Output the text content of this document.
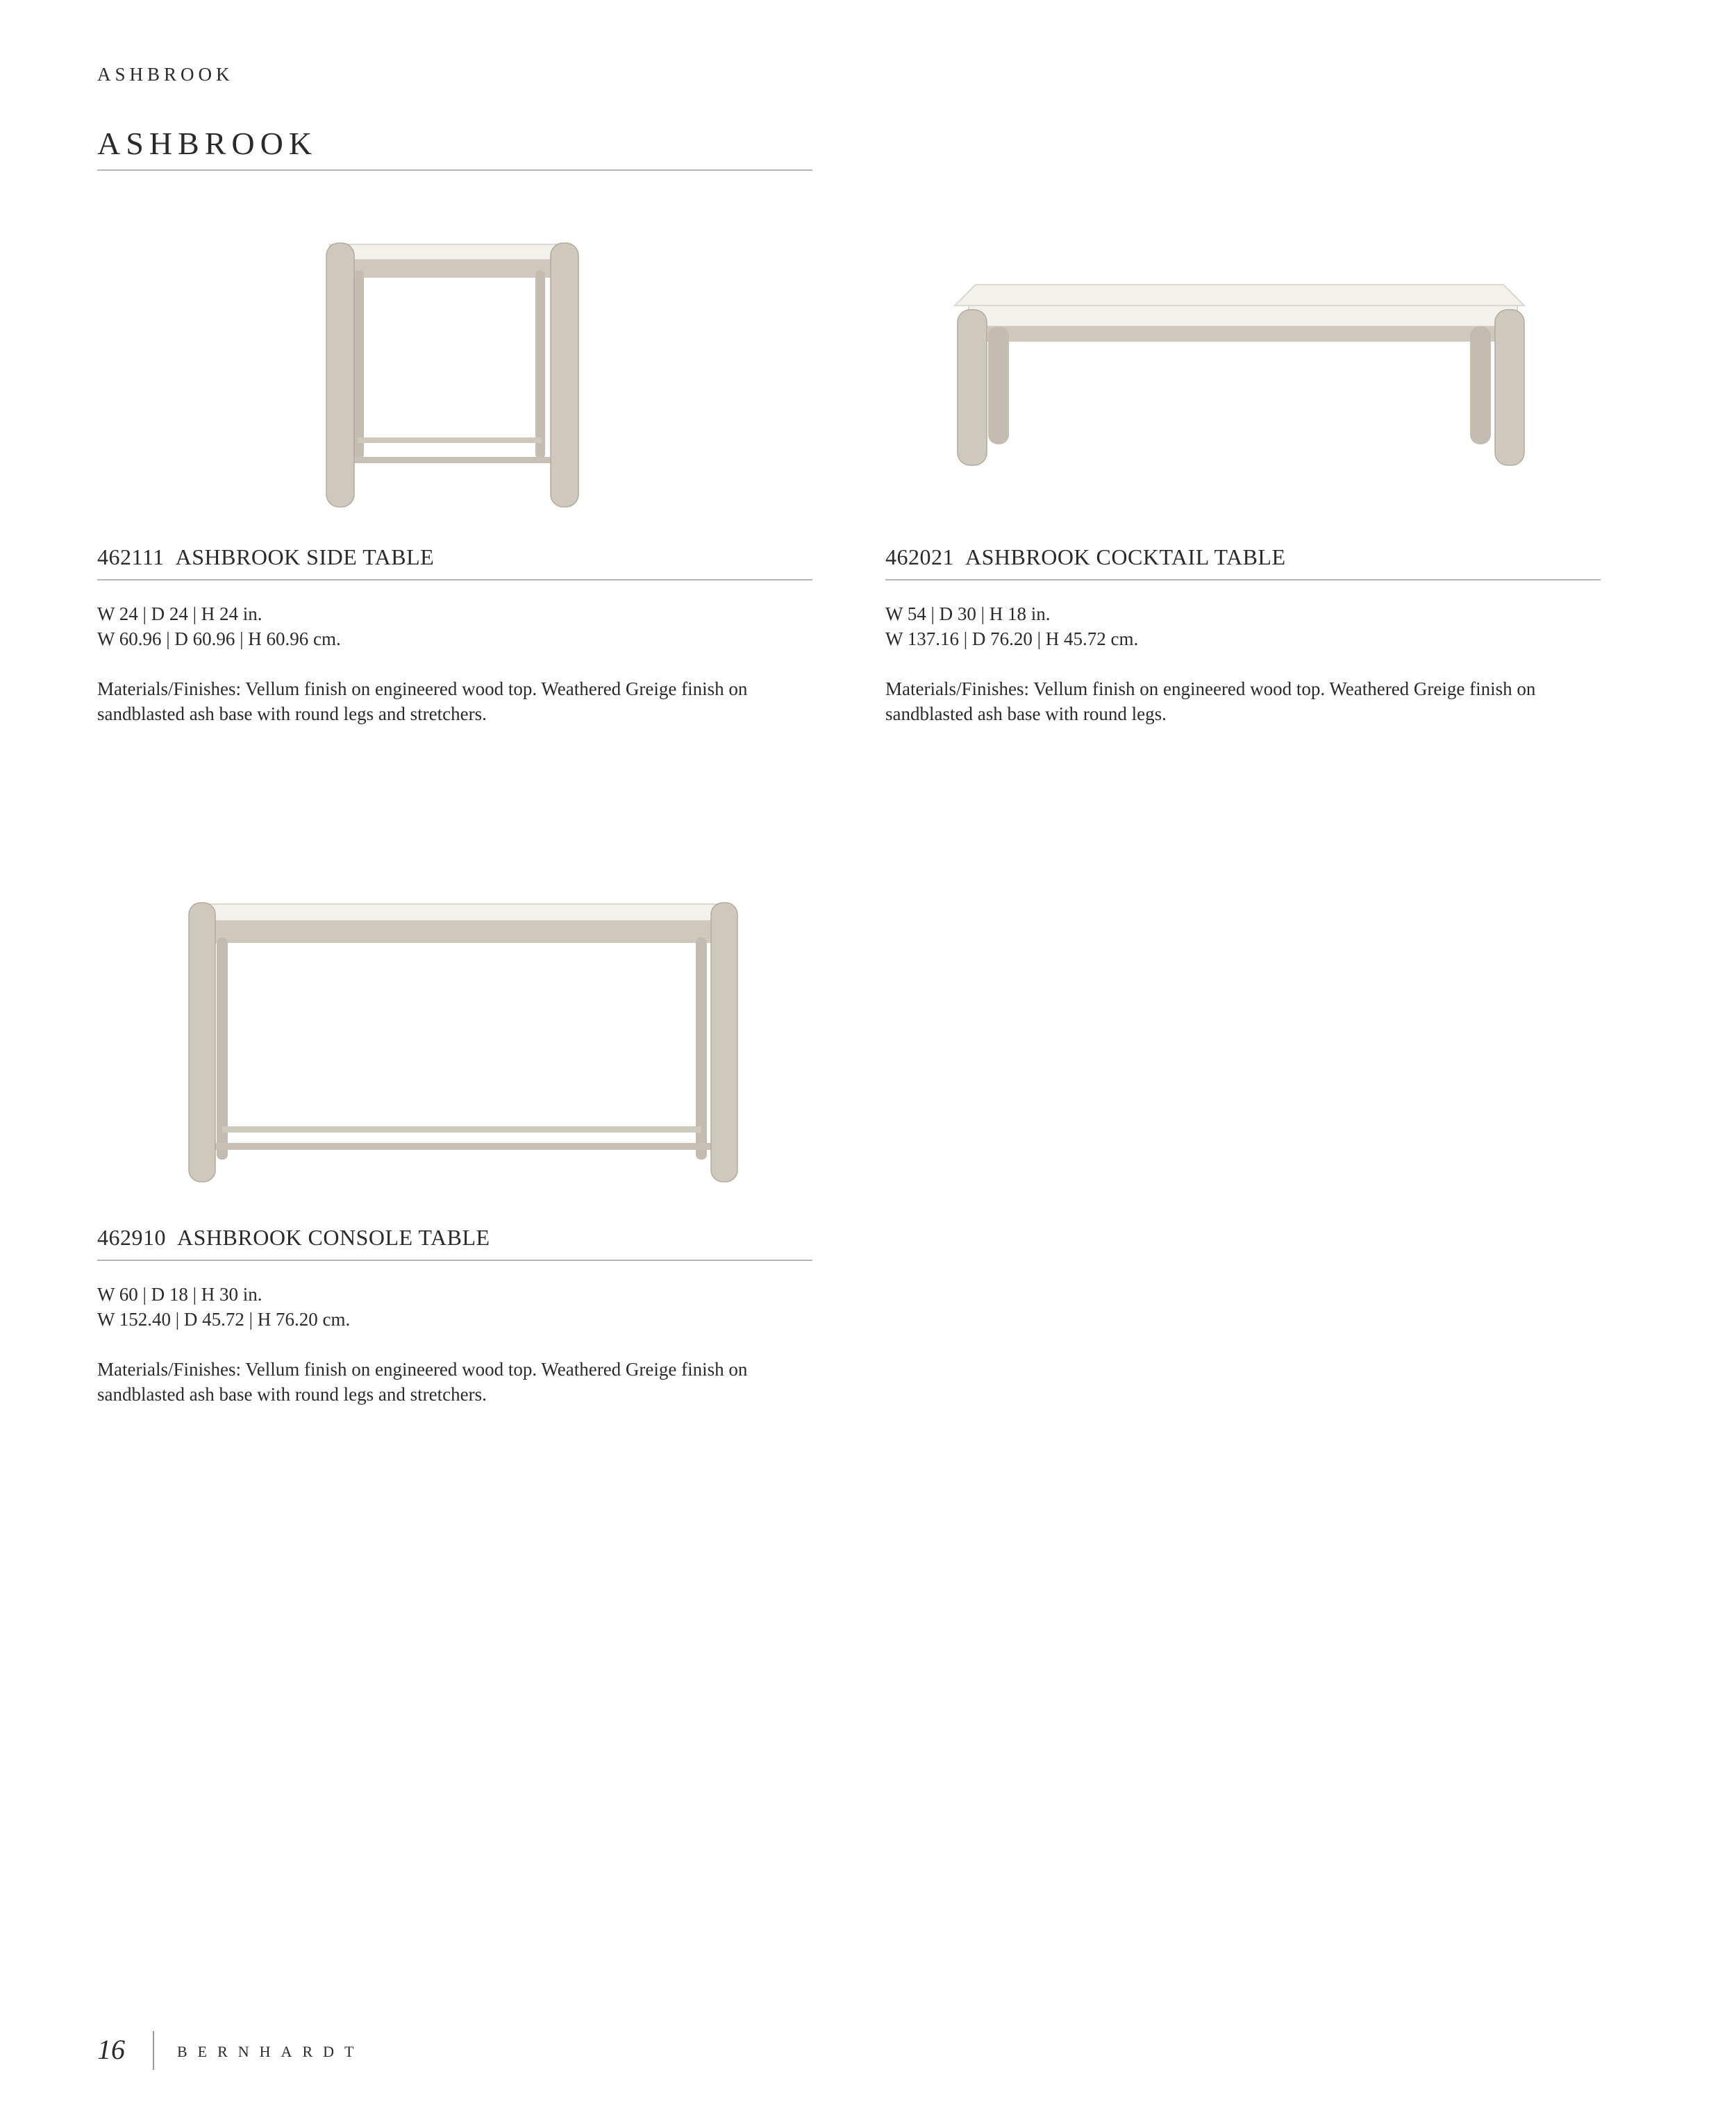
ASHBROOK
ASHBROOK
462111 ASHBROOK SIDE TABLE
W 24 | D 24 | H 24 in.
W 60.96 | D 60.96 | H 60.96 cm.
Materials/Finishes: Vellum finish on engineered wood top. Weathered Greige finish on sandblasted ash base with round legs and stretchers.
462021 ASHBROOK COCKTAIL TABLE
W 54 | D 30 | H 18 in.
W 137.16 | D 76.20 | H 45.72 cm.
Materials/Finishes: Vellum finish on engineered wood top. Weathered Greige finish on sandblasted ash base with round legs.
462910 ASHBROOK CONSOLE TABLE
W 60 | D 18 | H 30 in.
W 152.40 | D 45.72 | H 76.20 cm.
Materials/Finishes: Vellum finish on engineered wood top. Weathered Greige finish on sandblasted ash base with round legs and stretchers.
16	BERNHARDT
